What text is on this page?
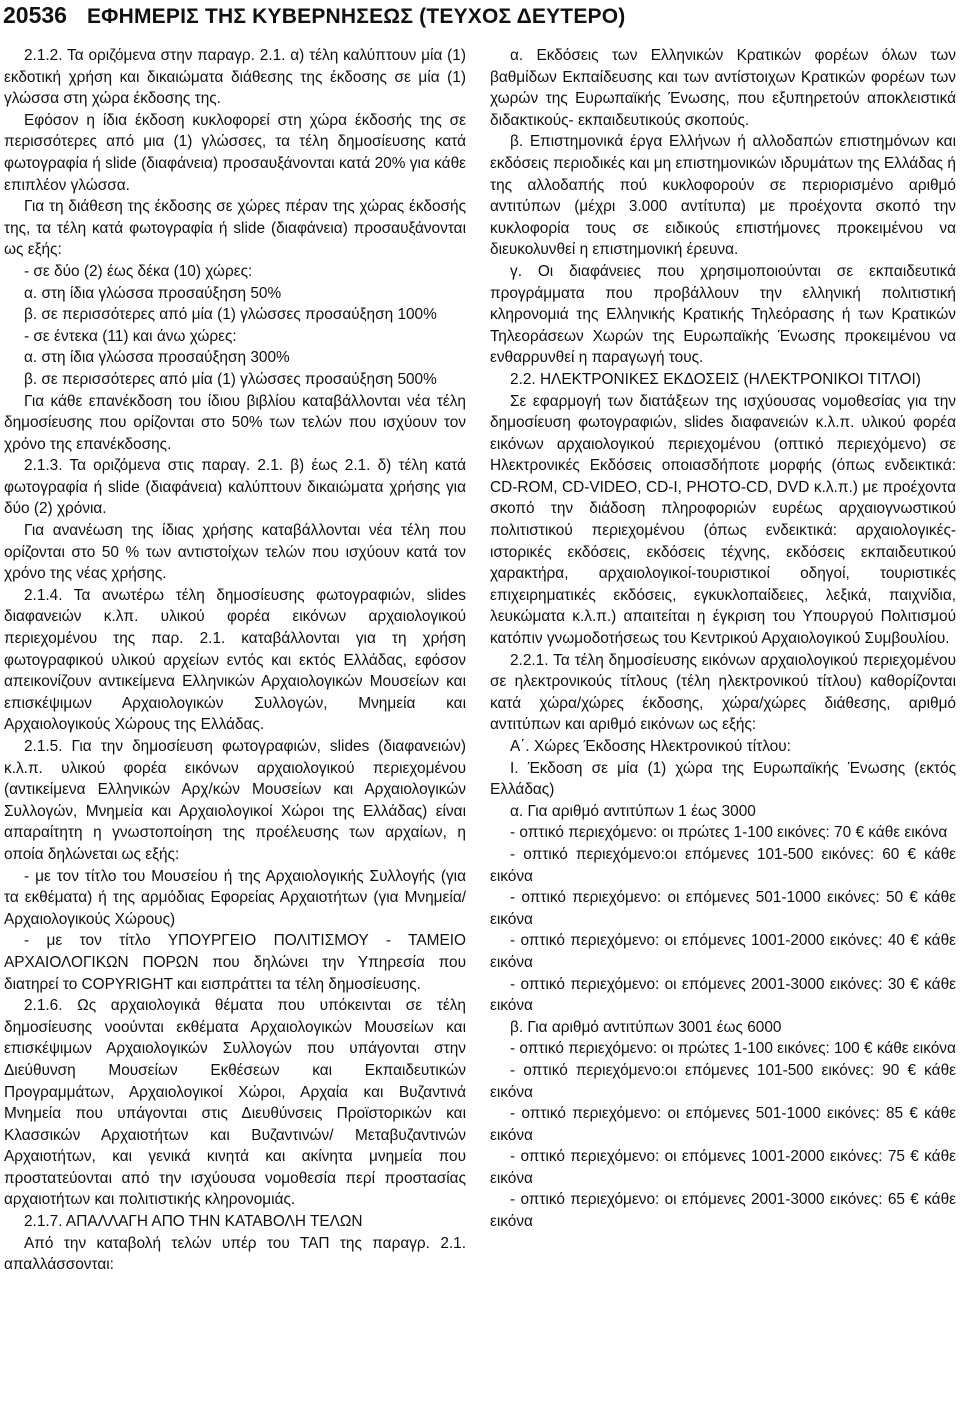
20536 ΕΦΗΜΕΡΙΣ ΤΗΣ ΚΥΒΕΡΝΗΣΕΩΣ (ΤΕΥΧΟΣ ΔΕΥΤΕΡΟ)

2.1.2. Τα οριζόμενα στην παραγρ. 2.1. α) τέλη καλύπτουν μία (1) εκδοτική χρήση και δικαιώματα διάθεσης της έκδοσης σε μία (1) γλώσσα στη χώρα έκδοσης της.

Εφόσον η ίδια έκδοση κυκλοφορεί στη χώρα έκδοσής της σε περισσότερες από μια (1) γλώσσες, τα τέλη δημοσίευσης κατά φωτογραφία ή slide (διαφάνεια) προσαυξάνονται κατά 20% για κάθε επιπλέον γλώσσα.

Για τη διάθεση της έκδοσης σε χώρες πέραν της χώρας έκδοσής της, τα τέλη κατά φωτογραφία ή slide (διαφάνεια) προσαυξάνονται ως εξής:

- σε δύο (2) έως δέκα (10) χώρες:

α. στη ίδια γλώσσα προσαύξηση 50%

β. σε περισσότερες από μία (1) γλώσσες προσαύξηση 100%

- σε έντεκα (11) και άνω χώρες:

α. στη ίδια γλώσσα προσαύξηση 300%

β. σε περισσότερες από μία (1) γλώσσες προσαύξηση 500%

Για κάθε επανέκδοση του ίδιου βιβλίου καταβάλλονται νέα τέλη δημοσίευσης που ορίζονται στο 50% των τελών που ισχύουν τον χρόνο της επανέκδοσης.

2.1.3. Τα οριζόμενα στις παραγ. 2.1. β) έως 2.1. δ) τέλη κατά φωτογραφία ή slide (διαφάνεια) καλύπτουν δικαιώματα χρήσης για δύο (2) χρόνια.

Για ανανέωση της ίδιας χρήσης καταβάλλονται νέα τέλη που ορίζονται στο 50 % των αντιστοίχων τελών που ισχύουν κατά τον χρόνο της νέας χρήσης.

2.1.4. Τα ανωτέρω τέλη δημοσίευσης φωτογραφιών, slides διαφανειών κ.λπ. υλικού φορέα εικόνων αρχαιολογικού περιεχομένου της παρ. 2.1. καταβάλλονται για τη χρήση φωτογραφικού υλικού αρχείων εντός και εκτός Ελλάδας, εφόσον απεικονίζουν αντικείμενα Ελληνικών Αρχαιολογικών Μουσείων και επισκέψιμων Αρχαιολογικών Συλλογών, Μνημεία και Αρχαιολογικούς Χώρους της Ελλάδας.

2.1.5. Για την δημοσίευση φωτογραφιών, slides (διαφανειών) κ.λ.π. υλικού φορέα εικόνων αρχαιολογικού περιεχομένου (αντικείμενα Ελληνικών Αρχ/κών Μουσείων και Αρχαιολογικών Συλλογών, Μνημεία και Αρχαιολογικοί Χώροι της Ελλάδας) είναι απαραίτητη η γνωστοποίηση της προέλευσης των αρχαίων, η οποία δηλώνεται ως εξής:

- με τον τίτλο του Μουσείου ή της Αρχαιολογικής Συλλογής (για τα εκθέματα) ή της αρμόδιας Εφορείας Αρχαιοτήτων (για Μνημεία/ Αρχαιολογικούς Χώρους)

- με τον τίτλο ΥΠΟΥΡΓΕΙΟ ΠΟΛΙΤΙΣΜΟΥ - ΤΑΜΕΙΟ ΑΡΧΑΙΟΛΟΓΙΚΩΝ ΠΟΡΩΝ που δηλώνει την Υπηρεσία που διατηρεί το COPYRIGHT και εισπράττει τα τέλη δημοσίευσης.

2.1.6. Ως αρχαιολογικά θέματα που υπόκεινται σε τέλη δημοσίευσης νοούνται εκθέματα Αρχαιολογικών Μουσείων και επισκέψιμων Αρχαιολογικών Συλλογών που υπάγονται στην Διεύθυνση Μουσείων Εκθέσεων και Εκπαιδευτικών Προγραμμάτων, Αρχαιολογικοί Χώροι, Αρχαία και Βυζαντινά Μνημεία που υπάγονται στις Διευθύνσεις Προϊστορικών και Κλασσικών Αρχαιοτήτων και Βυζαντινών/ Μεταβυζαντινών Αρχαιοτήτων, και γενικά κινητά και ακίνητα μνημεία που προστατεύονται από την ισχύουσα νομοθεσία περί προστασίας αρχαιοτήτων και πολιτιστικής κληρονομιάς.

2.1.7. ΑΠΑΛΛΑΓΗ ΑΠΟ ΤΗΝ ΚΑΤΑΒΟΛΗ ΤΕΛΩΝ

Από την καταβολή τελών υπέρ του ΤΑΠ της παραγρ. 2.1. απαλλάσσονται:

α. Εκδόσεις των Ελληνικών Κρατικών φορέων όλων των βαθμίδων Εκπαίδευσης και των αντίστοιχων Κρατικών φορέων των χωρών της Ευρωπαϊκής Ένωσης, που εξυπηρετούν αποκλειστικά διδακτικούς- εκπαιδευτικούς σκοπούς.

β. Επιστημονικά έργα Ελλήνων ή αλλοδαπών επιστημόνων και εκδόσεις περιοδικές και μη επιστημονικών ιδρυμάτων της Ελλάδας ή της αλλοδαπής πού κυκλοφορούν σε περιορισμένο αριθμό αντιτύπων (μέχρι 3.000 αντίτυπα) με προέχοντα σκοπό την κυκλοφορία τους σε ειδικούς επιστήμονες προκειμένου να διευκολυνθεί η επιστημονική έρευνα.

γ. Οι διαφάνειες που χρησιμοποιούνται σε εκπαιδευτικά προγράμματα που προβάλλουν την ελληνική πολιτιστική κληρονομιά της Ελληνικής Κρατικής Τηλεόρασης ή των Κρατικών Τηλεοράσεων Χωρών της Ευρωπαϊκής Ένωσης προκειμένου να ενθαρρυνθεί η παραγωγή τους.

2.2. ΗΛΕΚΤΡΟΝΙΚΕΣ ΕΚΔΟΣΕΙΣ (ΗΛΕΚΤΡΟΝΙΚΟΙ ΤΙΤΛΟΙ)

Σε εφαρμογή των διατάξεων της ισχύουσας νομοθεσίας για την δημοσίευση φωτογραφιών, slides διαφανειών κ.λ.π. υλικού φορέα εικόνων αρχαιολογικού περιεχομένου (οπτικό περιεχόμενο) σε Ηλεκτρονικές Εκδόσεις οποιασδήποτε μορφής (όπως ενδεικτικά: CD-ROM, CD-VIDEO, CD-I, PHOTO-CD, DVD κ.λ.π.) με προέχοντα σκοπό την διάδοση πληροφοριών ευρέως αρχαιογνωστικού πολιτιστικού περιεχομένου (όπως ενδεικτικά: αρχαιολογικές-ιστορικές εκδόσεις, εκδόσεις τέχνης, εκδόσεις εκπαιδευτικού χαρακτήρα, αρχαιολογικοί-τουριστικοί οδηγοί, τουριστικές επιχειρηματικές εκδόσεις, εγκυκλοπαίδειες, λεξικά, παιχνίδια, λευκώματα κ.λ.π.) απαιτείται η έγκριση του Υπουργού Πολιτισμού κατόπιν γνωμοδοτήσεως του Κεντρικού Αρχαιολογικού Συμβουλίου.

2.2.1. Τα τέλη δημοσίευσης εικόνων αρχαιολογικού περιεχομένου σε ηλεκτρονικούς τίτλους (τέλη ηλεκτρονικού τίτλου) καθορίζονται κατά χώρα/χώρες έκδοσης, χώρα/χώρες διάθεσης, αριθμό αντιτύπων και αριθμό εικόνων ως εξής:

Α΄. Χώρες Έκδοσης Ηλεκτρονικού τίτλου:

Ι. Έκδοση σε μία (1) χώρα της Ευρωπαϊκής Ένωσης (εκτός Ελλάδας)

α. Για αριθμό αντιτύπων 1 έως 3000

- οπτικό περιεχόμενο: οι πρώτες 1-100 εικόνες: 70 € κάθε εικόνα

- οπτικό περιεχόμενο:οι επόμενες 101-500 εικόνες: 60 € κάθε εικόνα

- οπτικό περιεχόμενο: οι επόμενες 501-1000 εικόνες: 50 € κάθε εικόνα

- οπτικό περιεχόμενο: οι επόμενες 1001-2000 εικόνες: 40 € κάθε εικόνα

- οπτικό περιεχόμενο: οι επόμενες 2001-3000 εικόνες: 30 € κάθε εικόνα

β. Για αριθμό αντιτύπων 3001 έως 6000

- οπτικό περιεχόμενο: οι πρώτες 1-100 εικόνες: 100 € κάθε εικόνα

- οπτικό περιεχόμενο:οι επόμενες 101-500 εικόνες: 90 € κάθε εικόνα

- οπτικό περιεχόμενο: οι επόμενες 501-1000 εικόνες: 85 € κάθε εικόνα

- οπτικό περιεχόμενο: οι επόμενες 1001-2000 εικόνες: 75 € κάθε εικόνα

- οπτικό περιεχόμενο: οι επόμενες 2001-3000 εικόνες: 65 € κάθε εικόνα
